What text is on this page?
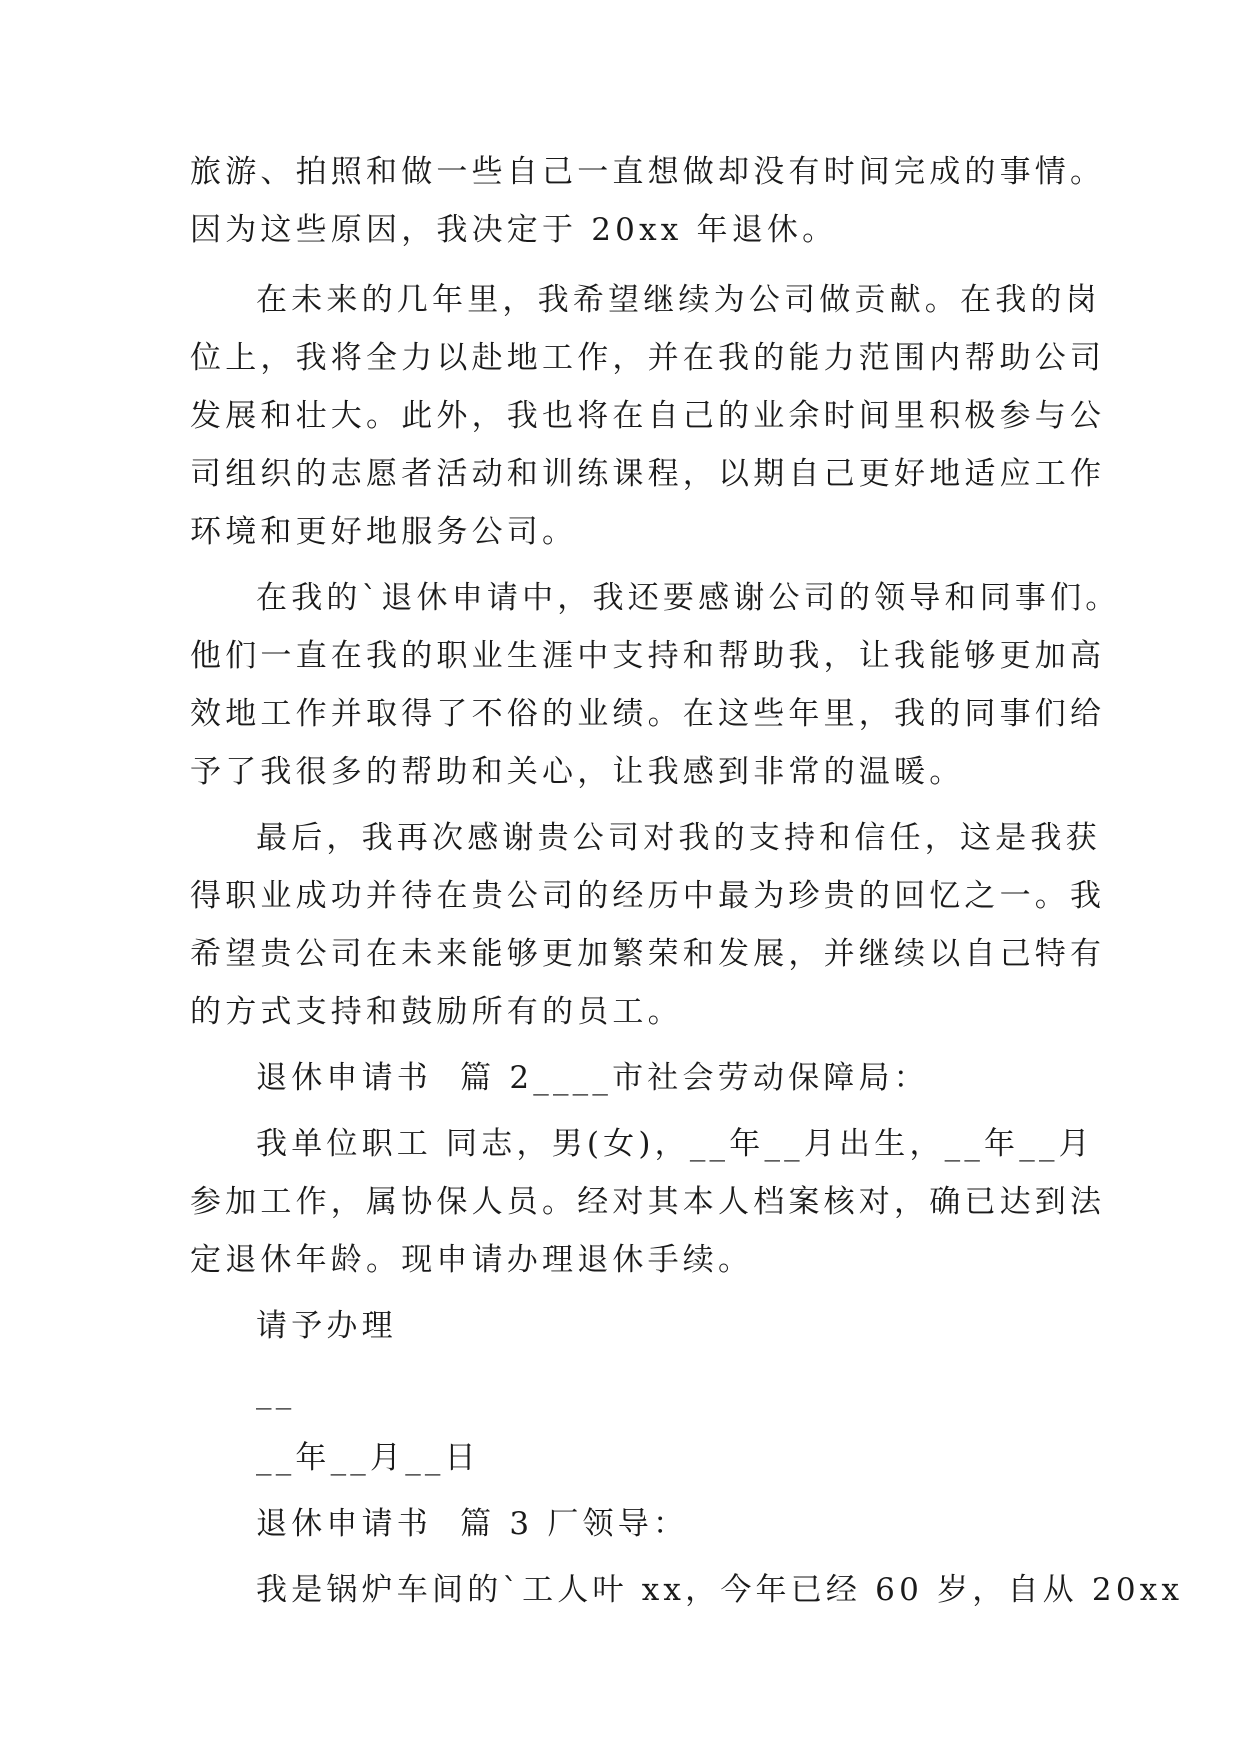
旅游、拍照和做一些自己一直想做却没有时间完成的事情。
因为这些原因，我决定于 20xx 年退休。
在未来的几年里，我希望继续为公司做贡献。在我的岗
位上，我将全力以赴地工作，并在我的能力范围内帮助公司
发展和壮大。此外，我也将在自己的业余时间里积极参与公
司组织的志愿者活动和训练课程，以期自己更好地适应工作
环境和更好地服务公司。
在我的`退休申请中，我还要感谢公司的领导和同事们。
他们一直在我的职业生涯中支持和帮助我，让我能够更加高
效地工作并取得了不俗的业绩。在这些年里，我的同事们给
予了我很多的帮助和关心，让我感到非常的温暖。
最后，我再次感谢贵公司对我的支持和信任，这是我获
得职业成功并待在贵公司的经历中最为珍贵的回忆之一。我
希望贵公司在未来能够更加繁荣和发展，并继续以自己特有
的方式支持和鼓励所有的员工。
退休申请书  篇 2____市社会劳动保障局：
我单位职工 同志，男(女)，__年__月出生，__年__月
参加工作，属协保人员。经对其本人档案核对，确已达到法
定退休年龄。现申请办理退休手续。
请予办理
__
__年__月__日
退休申请书  篇 3 厂领导：
我是锅炉车间的`工人叶 xx，今年已经 60 岁，自从 20xx
